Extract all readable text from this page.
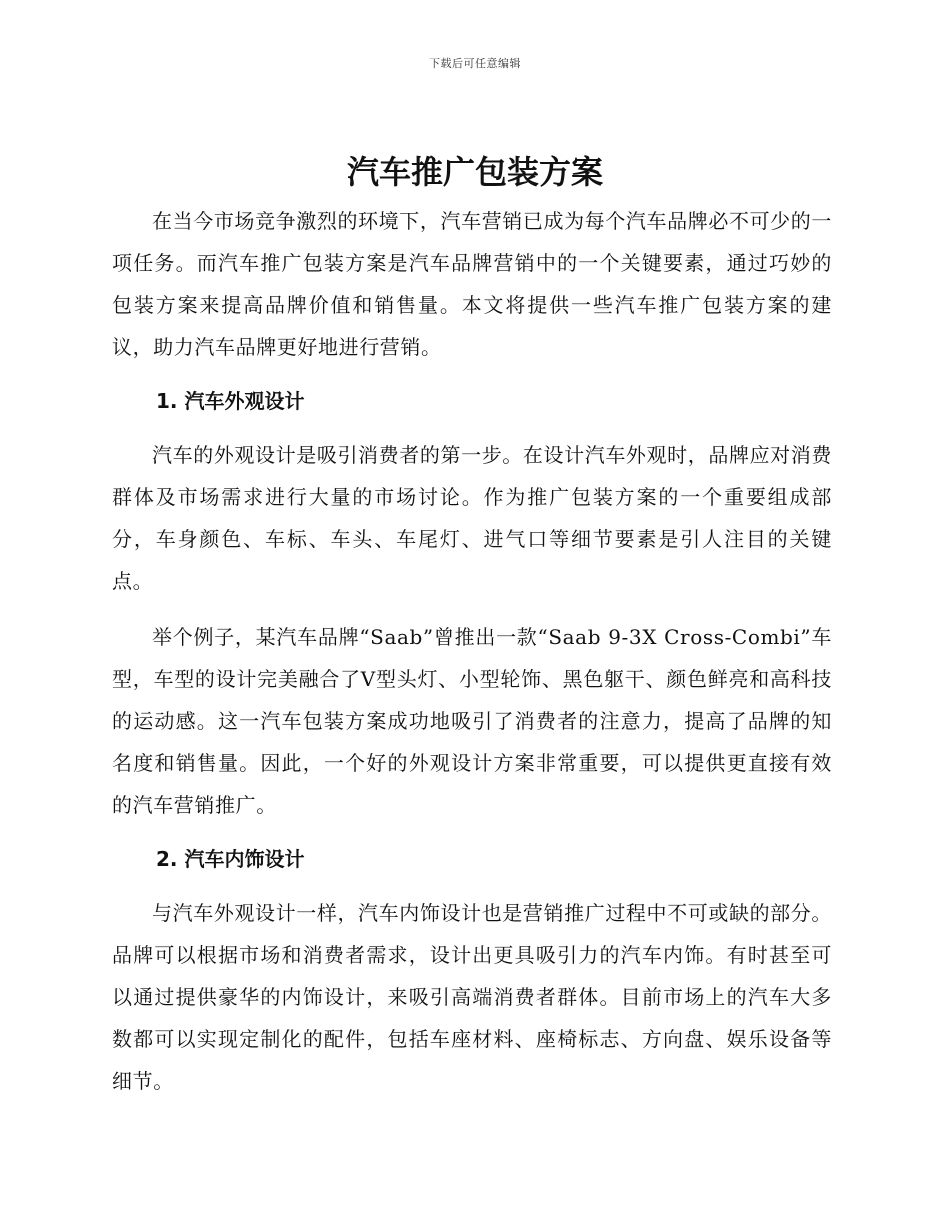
下载后可任意编辑
汽车推广包装方案

在当今市场竞争激烈的环境下，汽车营销已成为每个汽车品牌必不可少的一项任务。而汽车推广包装方案是汽车品牌营销中的一个关键要素，通过巧妙的包装方案来提高品牌价值和销售量。本文将提供一些汽车推广包装方案的建议，助力汽车品牌更好地进行营销。

1. 汽车外观设计

汽车的外观设计是吸引消费者的第一步。在设计汽车外观时，品牌应对消费群体及市场需求进行大量的市场讨论。作为推广包装方案的一个重要组成部分，车身颜色、车标、车头、车尾灯、进气口等细节要素是引人注目的关键点。

举个例子，某汽车品牌“Saab”曾推出一款“Saab 9-3X Cross-Combi”车型，车型的设计完美融合了V型头灯、小型轮饰、黑色躯干、颜色鲜亮和高科技的运动感。这一汽车包装方案成功地吸引了消费者的注意力，提高了品牌的知名度和销售量。因此，一个好的外观设计方案非常重要，可以提供更直接有效的汽车营销推广。

2. 汽车内饰设计

与汽车外观设计一样，汽车内饰设计也是营销推广过程中不可或缺的部分。品牌可以根据市场和消费者需求，设计出更具吸引力的汽车内饰。有时甚至可以通过提供豪华的内饰设计，来吸引高端消费者群体。目前市场上的汽车大多数都可以实现定制化的配件，包括车座材料、座椅标志、方向盘、娱乐设备等细节。
